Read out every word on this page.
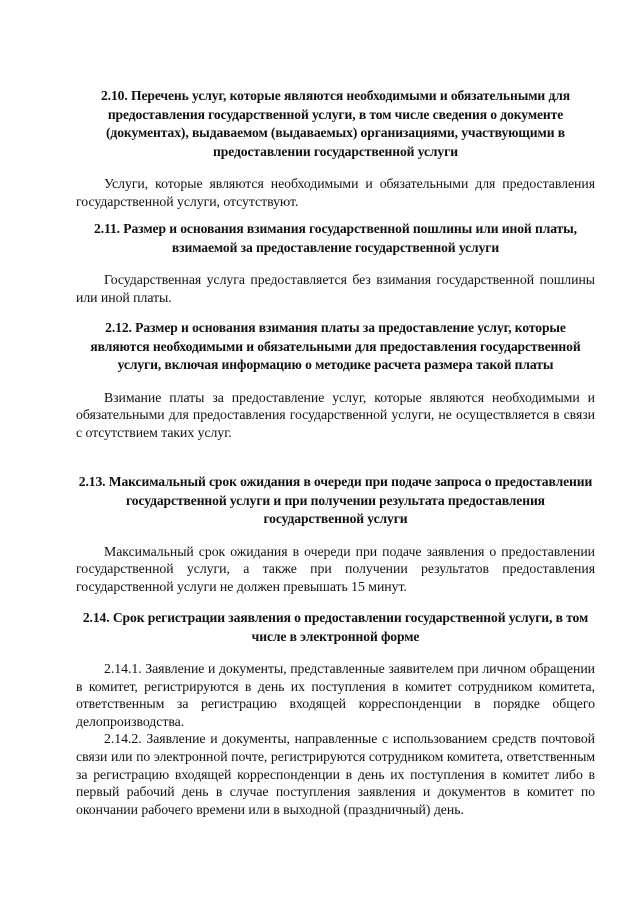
2.10. Перечень услуг, которые являются необходимыми и обязательными для предоставления государственной услуги, в том числе сведения о документе (документах), выдаваемом (выдаваемых) организациями, участвующими в предоставлении государственной услуги

Услуги, которые являются необходимыми и обязательными для предоставления государственной услуги, отсутствуют.

2.11. Размер и основания взимания государственной пошлины или иной платы, взимаемой за предоставление государственной услуги

Государственная услуга предоставляется без взимания государственной пошлины или иной платы.

2.12. Размер и основания взимания платы за предоставление услуг, которые являются необходимыми и обязательными для предоставления государственной услуги, включая информацию о методике расчета размера такой платы

Взимание платы за предоставление услуг, которые являются необходимыми и обязательными для предоставления государственной услуги, не осуществляется в связи с отсутствием таких услуг.

2.13. Максимальный срок ожидания в очереди при подаче запроса о предоставлении государственной услуги и при получении результата предоставления государственной услуги

Максимальный срок ожидания в очереди при подаче заявления о предоставлении государственной услуги, а также при получении результатов предоставления государственной услуги не должен превышать 15 минут.

2.14. Срок регистрации заявления о предоставлении государственной услуги, в том числе в электронной форме

2.14.1. Заявление и документы, представленные заявителем при личном обращении в комитет, регистрируются в день их поступления в комитет сотрудником комитета, ответственным за регистрацию входящей корреспонденции в порядке общего делопроизводства.

2.14.2. Заявление и документы, направленные с использованием средств почтовой связи или по электронной почте, регистрируются сотрудником комитета, ответственным за регистрацию входящей корреспонденции в день их поступления в комитет либо в первый рабочий день в случае поступления заявления и документов в комитет по окончании рабочего времени или в выходной (праздничный) день.
